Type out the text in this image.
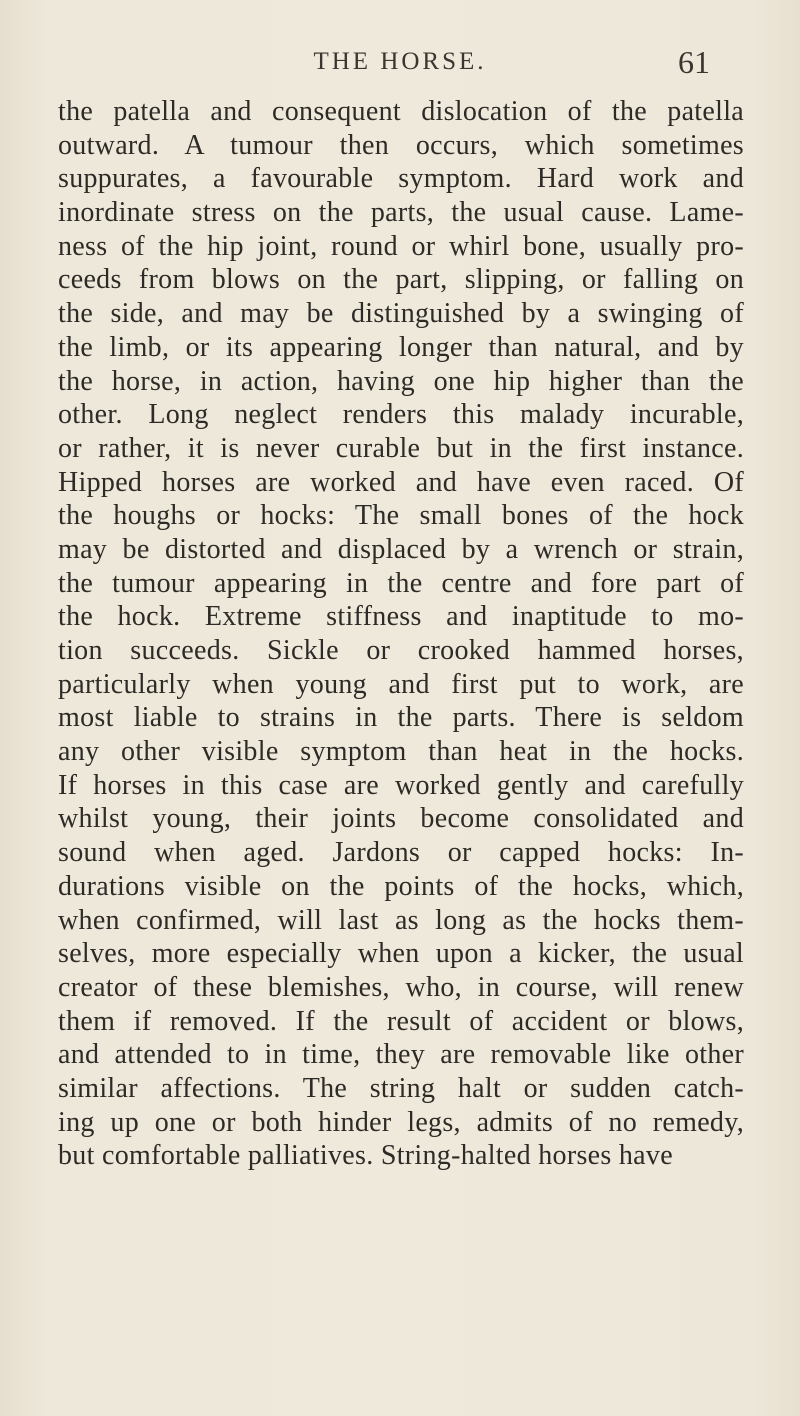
THE HORSE.	61
the patella and consequent dislocation of the patella
outward. A tumour then occurs, which sometimes
suppurates, a favourable symptom. Hard work and
inordinate stress on the parts, the usual cause. Lame-
ness of the hip joint, round or whirl bone, usually pro-
ceeds from blows on the part, slipping, or falling on
the side, and may be distinguished by a swinging of
the limb, or its appearing longer than natural, and by
the horse, in action, having one hip higher than the
other. Long neglect renders this malady incurable,
or rather, it is never curable but in the first instance.
Hipped horses are worked and have even raced. Of
the houghs or hocks: The small bones of the hock
may be distorted and displaced by a wrench or strain,
the tumour appearing in the centre and fore part of
the hock. Extreme stiffness and inaptitude to mo-
tion succeeds. Sickle or crooked hammed horses,
particularly when young and first put to work, are
most liable to strains in the parts. There is seldom
any other visible symptom than heat in the hocks.
If horses in this case are worked gently and carefully
whilst young, their joints become consolidated and
sound when aged. Jardons or capped hocks: In-
durations visible on the points of the hocks, which,
when confirmed, will last as long as the hocks them-
selves, more especially when upon a kicker, the usual
creator of these blemishes, who, in course, will renew
them if removed. If the result of accident or blows,
and attended to in time, they are removable like other
similar affections. The string halt or sudden catch-
ing up one or both hinder legs, admits of no remedy,
but comfortable palliatives. String-halted horses have
